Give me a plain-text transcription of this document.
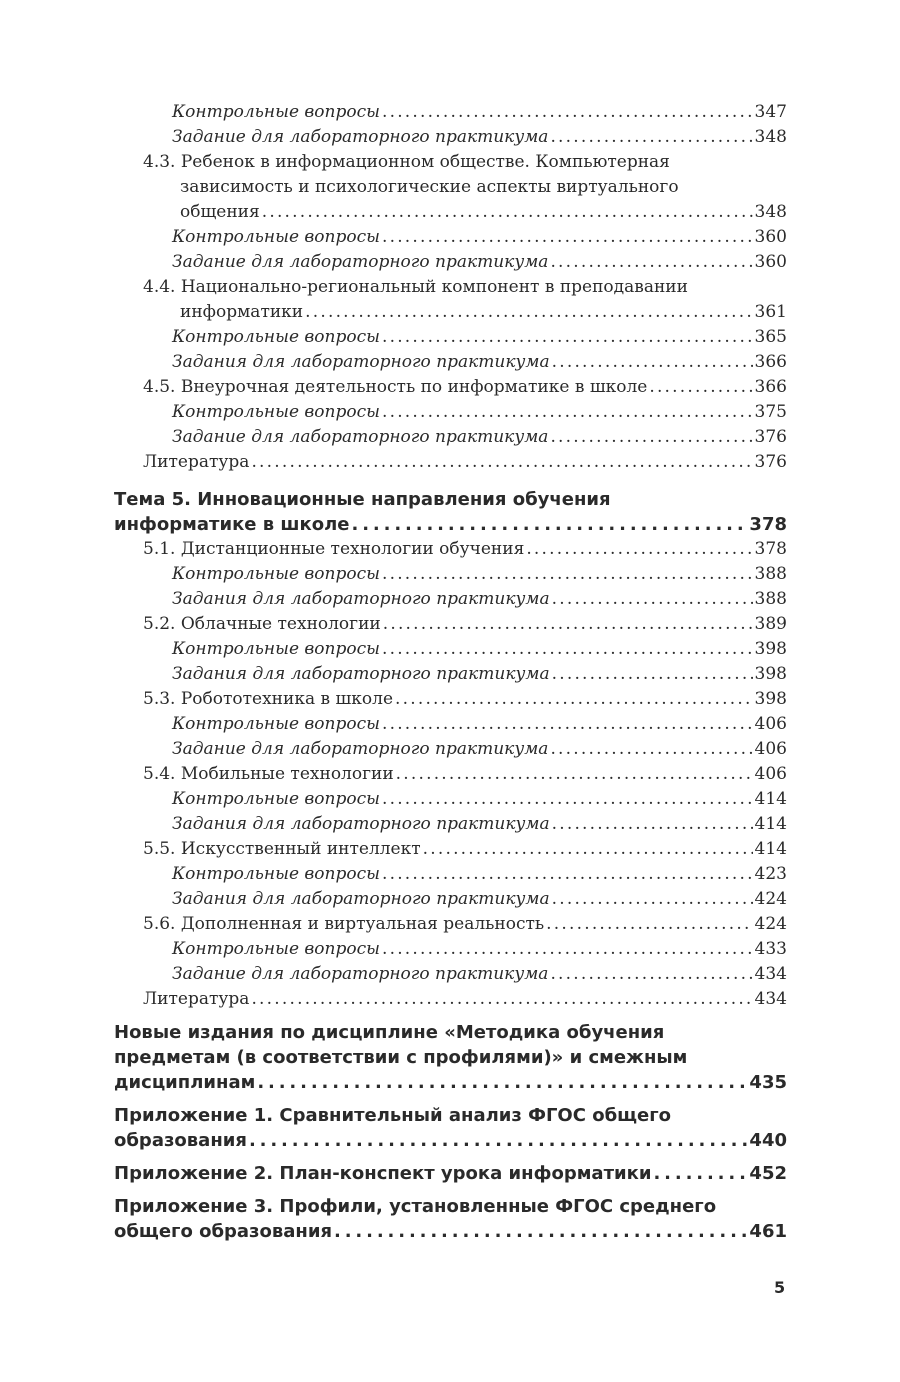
Контрольные вопросы . . .	347
Задание для лабораторного практикума . . .	348
4.3. Ребенок в информационном обществе. Компьютерная
зависимость и психологические аспекты виртуального
общения . . .	348
Контрольные вопросы . . .	360
Задание для лабораторного практикума . . .	360
4.4. Национально-региональный компонент в преподавании
информатики . . .	361
Контрольные вопросы . . .	365
Задания для лабораторного практикума . . .	366
4.5. Внеурочная деятельность по информатике в школе . . .	366
Контрольные вопросы . . .	375
Задание для лабораторного практикума . . .	376
Литература . . .	376
Тема 5. Инновационные направления обучения
информатике в школе . . .	378
5.1. Дистанционные технологии обучения . . .	378
Контрольные вопросы . . .	388
Задания для лабораторного практикума . . .	388
5.2. Облачные технологии . . .	389
Контрольные вопросы . . .	398
Задания для лабораторного практикума . . .	398
5.3. Робототехника в школе . . .	398
Контрольные вопросы . . .	406
Задание для лабораторного практикума . . .	406
5.4. Мобильные технологии . . .	406
Контрольные вопросы . . .	414
Задания для лабораторного практикума . . .	414
5.5. Искусственный интеллект . . .	414
Контрольные вопросы . . .	423
Задания для лабораторного практикума . . .	424
5.6. Дополненная и виртуальная реальность . . .	424
Контрольные вопросы . . .	433
Задание для лабораторного практикума . . .	434
Литература . . .	434
Новые издания по дисциплине «Методика обучения
предметам (в соответствии с профилями)» и смежным
дисциплинам . . .	435
Приложение 1. Сравнительный анализ ФГОС общего
образования . . .	440
Приложение 2. План-конспект урока информатики . . .	452
Приложение 3. Профили, установленные ФГОС среднего
общего образования . . .	461
5
